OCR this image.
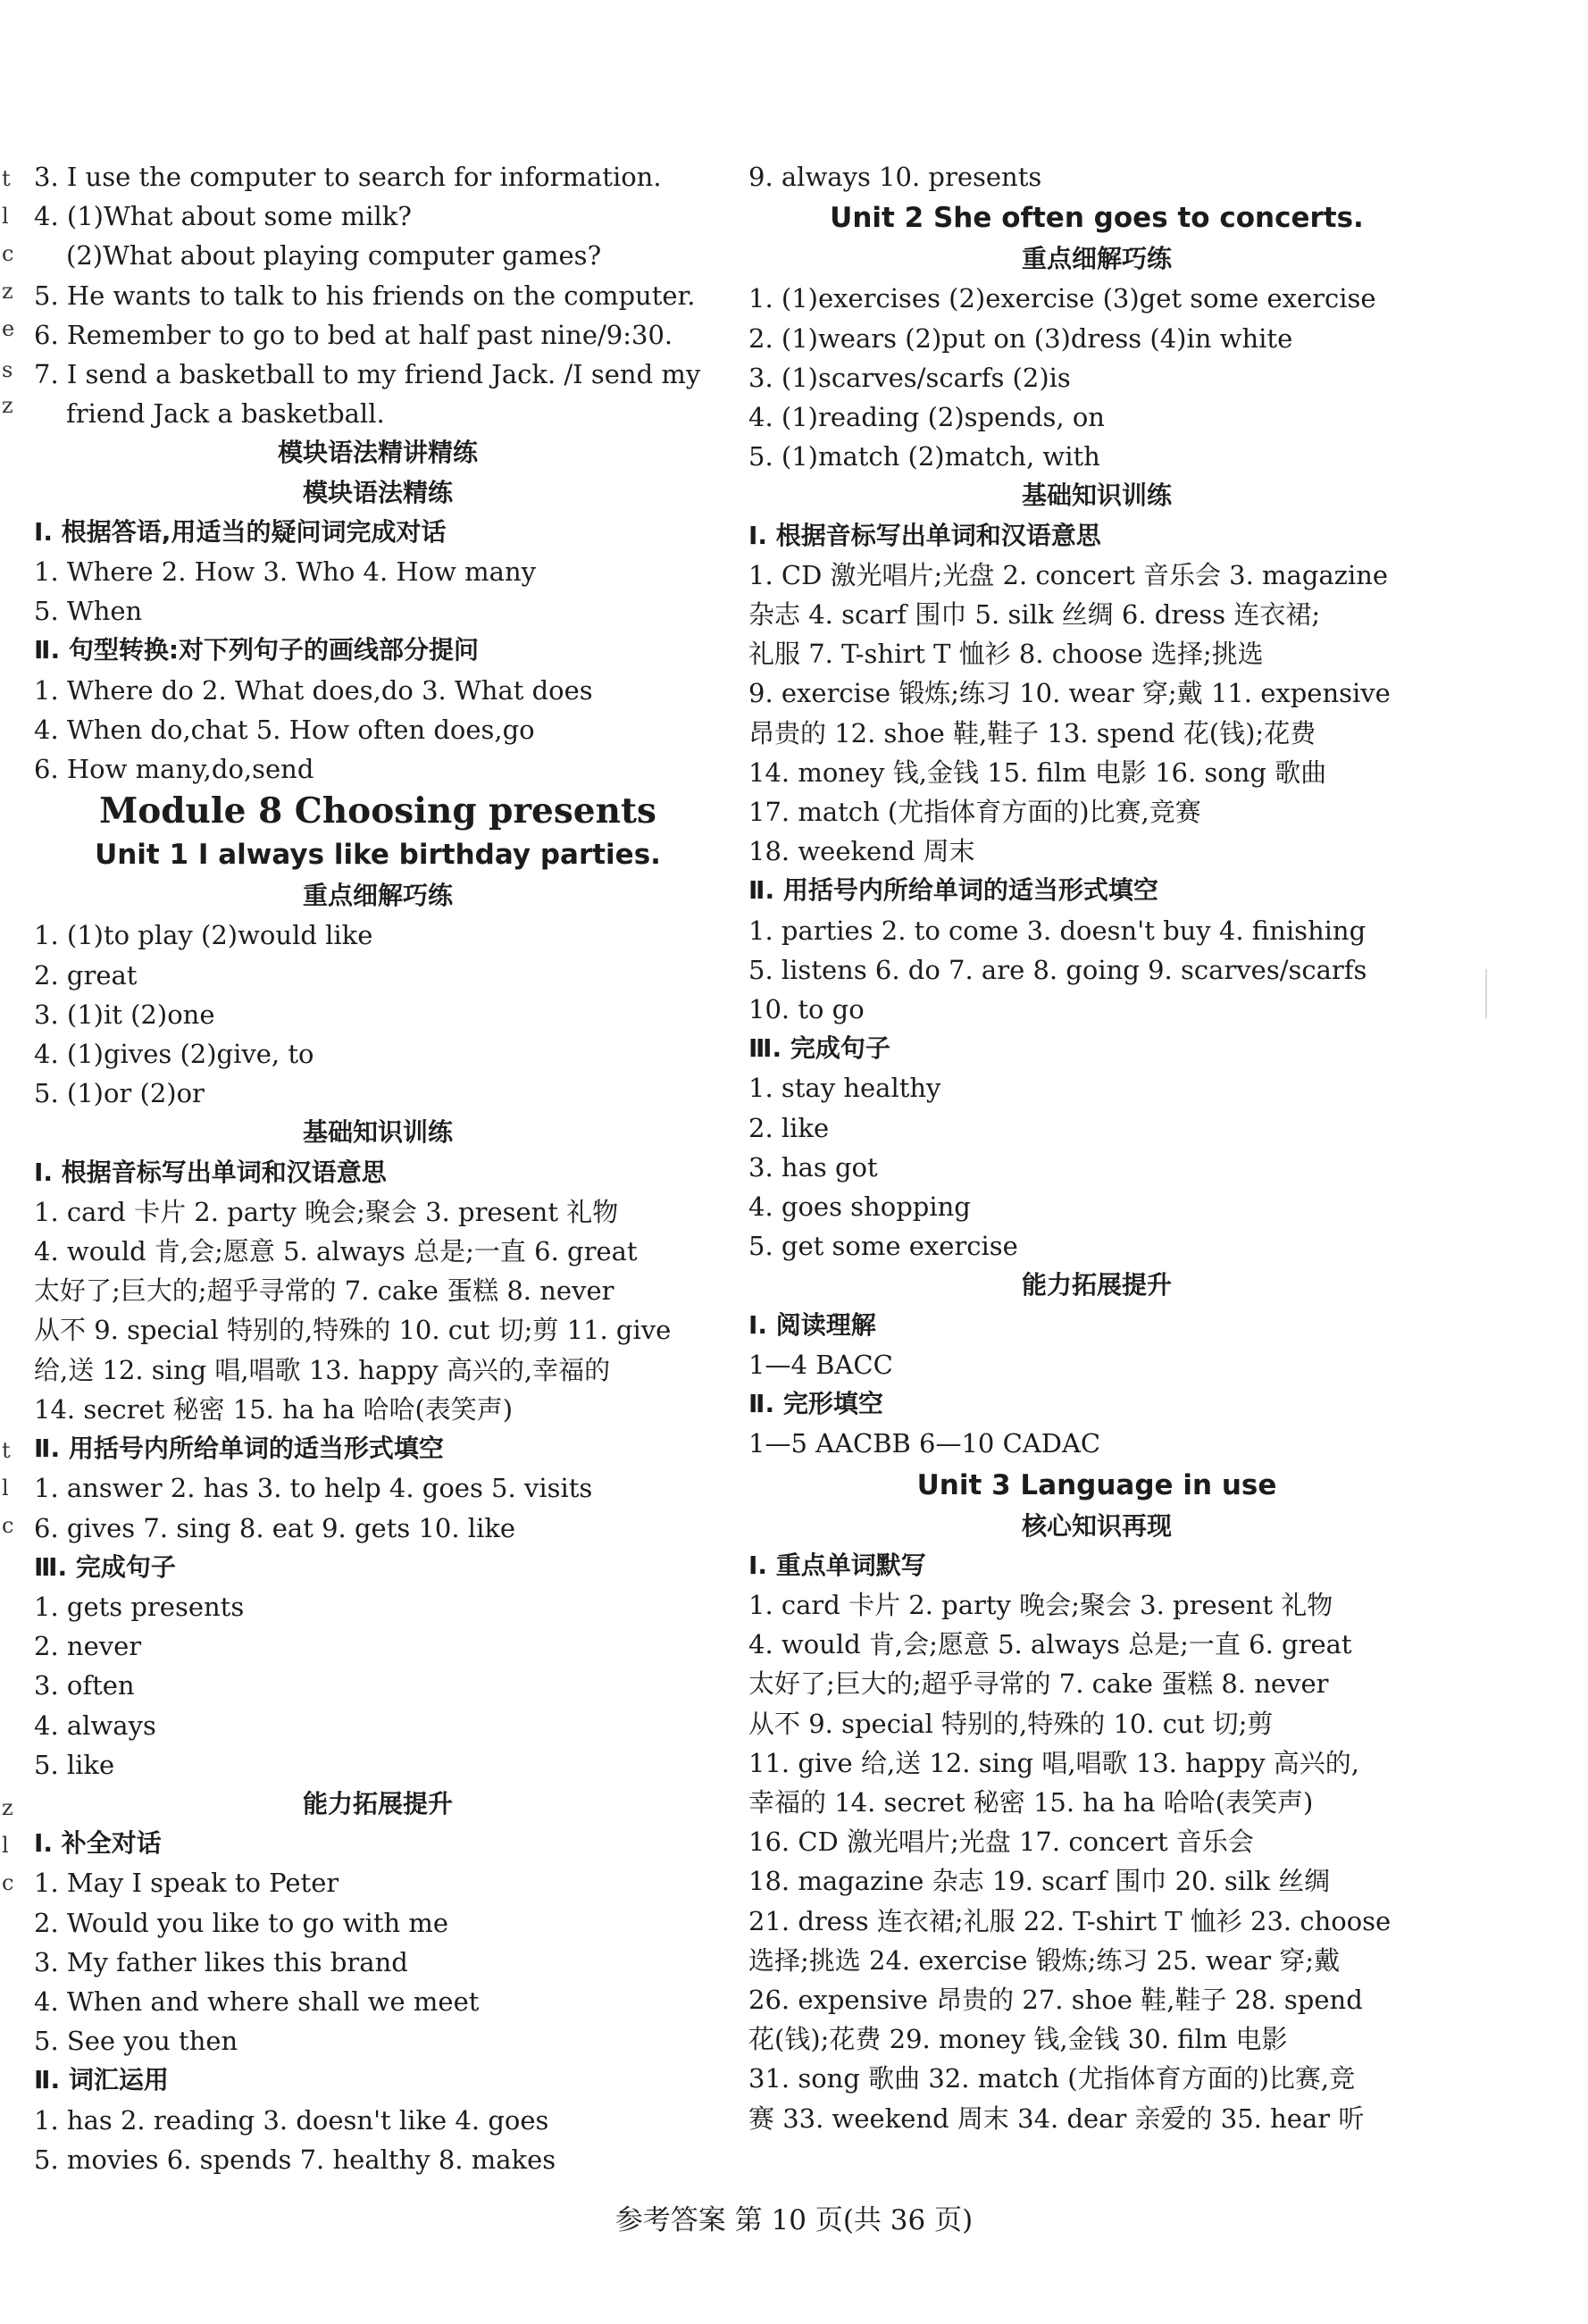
t
l
c
z
e
s
z
t
l
c
z
l
c
3. I use the computer to search for information.
4. (1)What about some milk?
(2)What about playing computer games?
5. He wants to talk to his friends on the computer.
6. Remember to go to bed at half past nine/9:30.
7. I send a basketball to my friend Jack. /I send my
friend Jack a basketball.
模块语法精讲精练
模块语法精练
Ⅰ. 根据答语,用适当的疑问词完成对话
1. Where 2. How 3. Who 4. How many
5. When
Ⅱ. 句型转换:对下列句子的画线部分提问
1. Where do 2. What does,do 3. What does
4. When do,chat 5. How often does,go
6. How many,do,send
Module 8 Choosing presents
Unit 1 I always like birthday parties.
重点细解巧练
1. (1)to play (2)would like
2. great
3. (1)it (2)one
4. (1)gives (2)give, to
5. (1)or (2)or
基础知识训练
Ⅰ. 根据音标写出单词和汉语意思
1. card 卡片 2. party 晚会;聚会 3. present 礼物
4. would 肯,会;愿意 5. always 总是;一直 6. great
太好了;巨大的;超乎寻常的 7. cake 蛋糕 8. never
从不 9. special 特别的,特殊的 10. cut 切;剪 11. give
给,送 12. sing 唱,唱歌 13. happy 高兴的,幸福的
14. secret 秘密 15. ha ha 哈哈(表笑声)
Ⅱ. 用括号内所给单词的适当形式填空
1. answer 2. has 3. to help 4. goes 5. visits
6. gives 7. sing 8. eat 9. gets 10. like
Ⅲ. 完成句子
1. gets presents
2. never
3. often
4. always
5. like
能力拓展提升
Ⅰ. 补全对话
1. May I speak to Peter
2. Would you like to go with me
3. My father likes this brand
4. When and where shall we meet
5. See you then
Ⅱ. 词汇运用
1. has 2. reading 3. doesn't like 4. goes
5. movies 6. spends 7. healthy 8. makes
9. always 10. presents
Unit 2 She often goes to concerts.
重点细解巧练
1. (1)exercises (2)exercise (3)get some exercise
2. (1)wears (2)put on (3)dress (4)in white
3. (1)scarves/scarfs (2)is
4. (1)reading (2)spends, on
5. (1)match (2)match, with
基础知识训练
Ⅰ. 根据音标写出单词和汉语意思
1. CD 激光唱片;光盘 2. concert 音乐会 3. magazine
杂志 4. scarf 围巾 5. silk 丝绸 6. dress 连衣裙;
礼服 7. T-shirt T 恤衫 8. choose 选择;挑选
9. exercise 锻炼;练习 10. wear 穿;戴 11. expensive
昂贵的 12. shoe 鞋,鞋子 13. spend 花(钱);花费
14. money 钱,金钱 15. film 电影 16. song 歌曲
17. match (尤指体育方面的)比赛,竞赛
18. weekend 周末
Ⅱ. 用括号内所给单词的适当形式填空
1. parties 2. to come 3. doesn't buy 4. finishing
5. listens 6. do 7. are 8. going 9. scarves/scarfs
10. to go
Ⅲ. 完成句子
1. stay healthy
2. like
3. has got
4. goes shopping
5. get some exercise
能力拓展提升
Ⅰ. 阅读理解
1—4 BACC
Ⅱ. 完形填空
1—5 AACBB 6—10 CADAC
Unit 3 Language in use
核心知识再现
Ⅰ. 重点单词默写
1. card 卡片 2. party 晚会;聚会 3. present 礼物
4. would 肯,会;愿意 5. always 总是;一直 6. great
太好了;巨大的;超乎寻常的 7. cake 蛋糕 8. never
从不 9. special 特别的,特殊的 10. cut 切;剪
11. give 给,送 12. sing 唱,唱歌 13. happy 高兴的,
幸福的 14. secret 秘密 15. ha ha 哈哈(表笑声)
16. CD 激光唱片;光盘 17. concert 音乐会
18. magazine 杂志 19. scarf 围巾 20. silk 丝绸
21. dress 连衣裙;礼服 22. T-shirt T 恤衫 23. choose
选择;挑选 24. exercise 锻炼;练习 25. wear 穿;戴
26. expensive 昂贵的 27. shoe 鞋,鞋子 28. spend
花(钱);花费 29. money 钱,金钱 30. film 电影
31. song 歌曲 32. match (尤指体育方面的)比赛,竞
赛 33. weekend 周末 34. dear 亲爱的 35. hear 听
参考答案 第 10 页(共 36 页)
